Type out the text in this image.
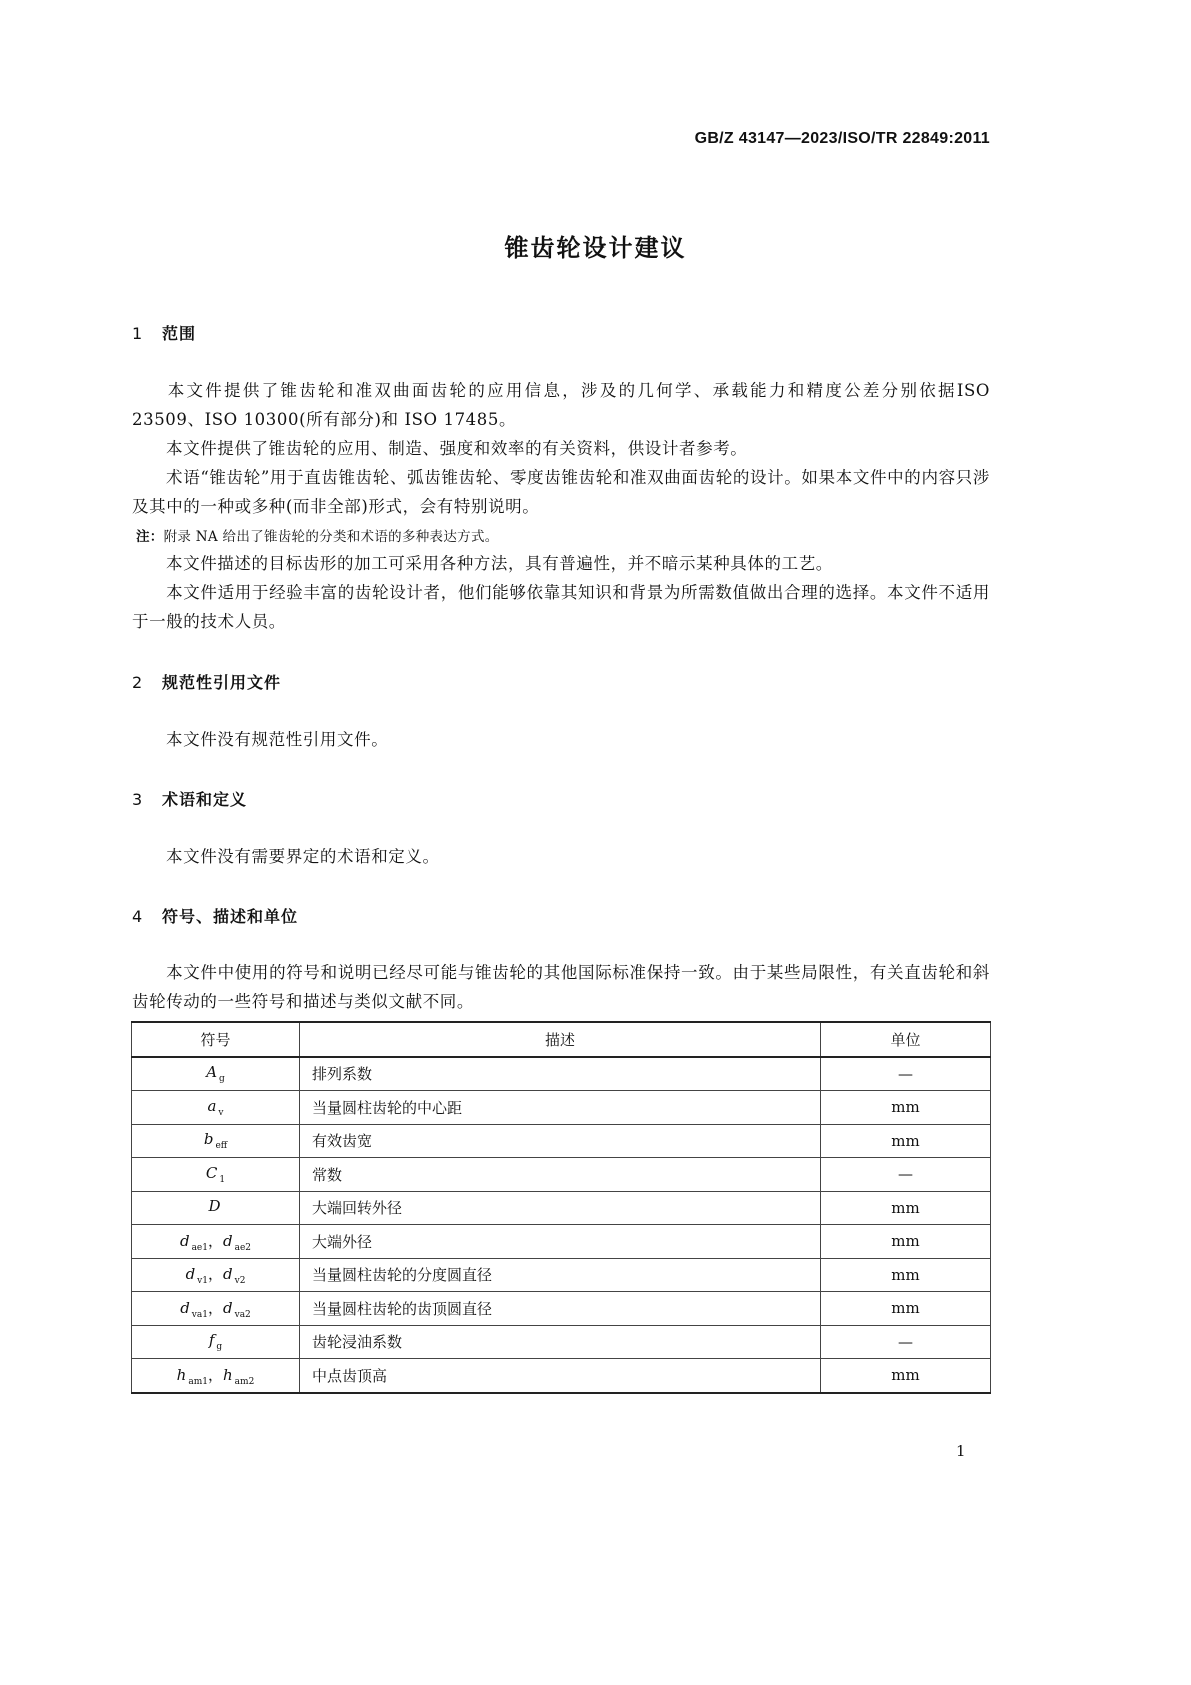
GB/Z 43147—2023/ISO/TR 22849:2011
锥齿轮设计建议
1 范围
本文件提供了锥齿轮和准双曲面齿轮的应用信息，涉及的几何学、承载能力和精度公差分别依据ISO 23509、ISO 10300(所有部分)和 ISO 17485。
本文件提供了锥齿轮的应用、制造、强度和效率的有关资料，供设计者参考。
术语“锥齿轮”用于直齿锥齿轮、弧齿锥齿轮、零度齿锥齿轮和准双曲面齿轮的设计。如果本文件中的内容只涉及其中的一种或多种(而非全部)形式，会有特别说明。
注：附录 NA 给出了锥齿轮的分类和术语的多种表达方式。
本文件描述的目标齿形的加工可采用各种方法，具有普遍性，并不暗示某种具体的工艺。
本文件适用于经验丰富的齿轮设计者，他们能够依靠其知识和背景为所需数值做出合理的选择。本文件不适用于一般的技术人员。
2 规范性引用文件
本文件没有规范性引用文件。
3 术语和定义
本文件没有需要界定的术语和定义。
4 符号、描述和单位
本文件中使用的符号和说明已经尽可能与锥齿轮的其他国际标准保持一致。由于某些局限性，有关直齿轮和斜齿轮传动的一些符号和描述与类似文献不同。
符号	描述	单位
A $_g$	排列系数	—
a $_v$	当量圆柱齿轮的中心距	mm
b $_{eff}$	有效齿宽	mm
C $_1$	常数	—
D	大端回转外径	mm
d $_{ae1}$，d $_{ae2}$	大端外径	mm
d $_{v1}$，d $_{v2}$	当量圆柱齿轮的分度圆直径	mm
d $_{va1}$，d $_{va2}$	当量圆柱齿轮的齿顶圆直径	mm
f $_g$	齿轮浸油系数	—
h $_{am1}$，h $_{am2}$	中点齿顶高	mm
1
